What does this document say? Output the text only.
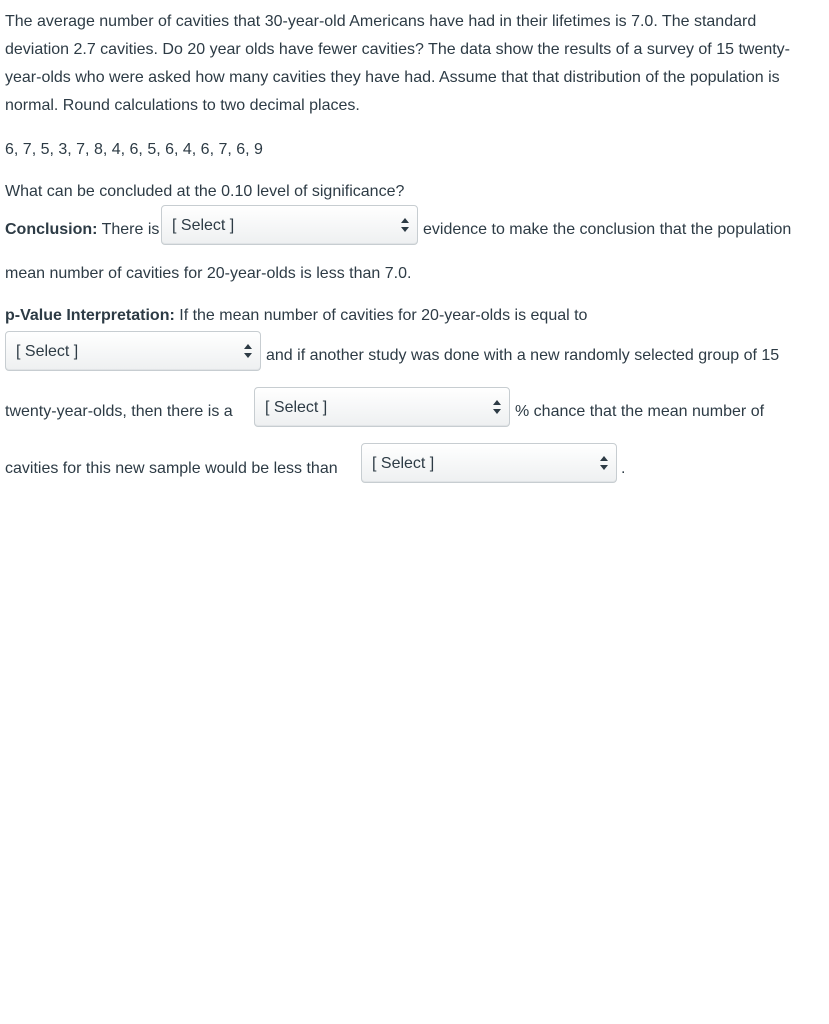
The average number of cavities that 30-year-old Americans have had in their lifetimes is 7.0. The standard deviation 2.7 cavities. Do 20 year olds have fewer cavities? The data show the results of a survey of 15 twenty-year-olds who were asked how many cavities they have had. Assume that that distribution of the population is normal. Round calculations to two decimal places.

6, 7, 5, 3, 7, 8, 4, 6, 5, 6, 4, 6, 7, 6, 9

What can be concluded at the 0.10 level of significance?

Conclusion: There is [ Select ]	evidence to make the conclusion that the population

mean number of cavities for 20-year-olds is less than 7.0.

p-Value Interpretation: If the mean number of cavities for 20-year-olds is equal to

[ Select ]	and if another study was done with a new randomly selected group of 15

twenty-year-olds, then there is a [ Select ]	% chance that the mean number of

cavities for this new sample would be less than [ Select ]	.
